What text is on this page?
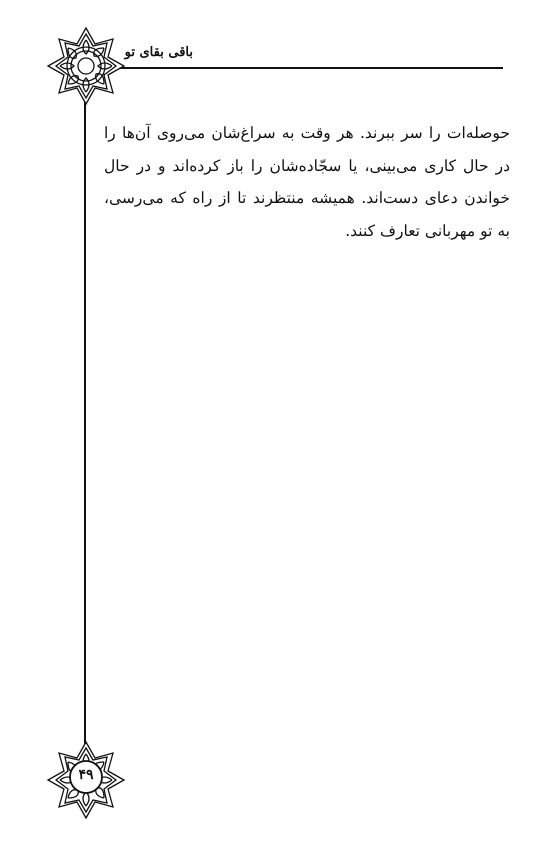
باقی بقای تو
حوصله‌ات را سر ببرند. هر وقت به سراغ‌شان می‌روی آن‌ها را در حال کاری می‌بینی، یا سجّاده‌شان را باز کرده‌اند و در حال خواندن دعای دست‌اند. همیشه منتظرند تا از راه که می‌رسی، به تو مهربانی تعارف کنند.
۴۹
